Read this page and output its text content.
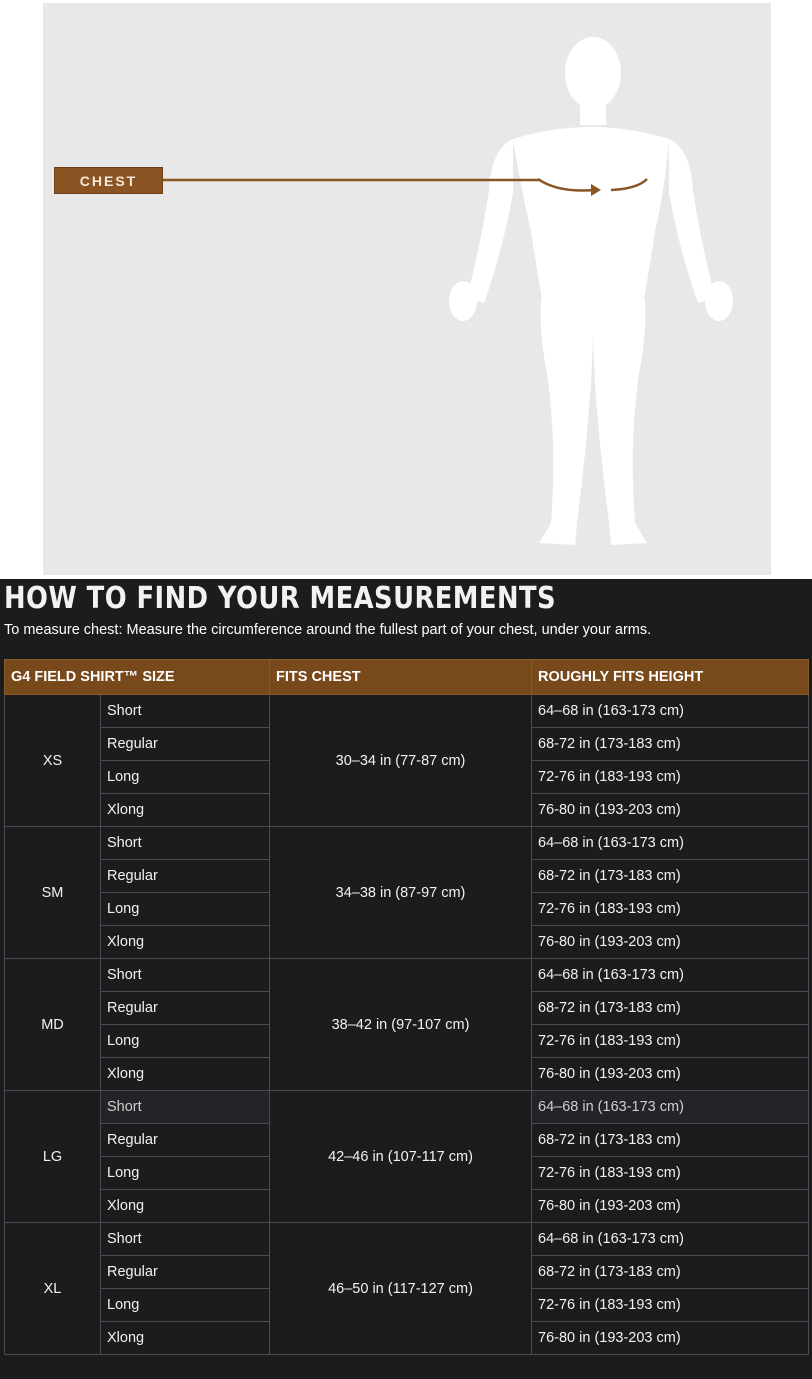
CHEST
HOW TO FIND YOUR MEASUREMENTS
To measure chest: Measure the circumference around the fullest part of your chest, under your arms.
G4 FIELD SHIRT™ SIZE		FITS CHEST	ROUGHLY FITS HEIGHT
XS	Short	30–34 in (77-87 cm)	64–68 in (163-173 cm)
	Regular		68-72 in (173-183 cm)
	Long		72-76 in (183-193 cm)
	Xlong		76-80 in (193-203 cm)
SM	Short	34–38 in (87-97 cm)	64–68 in (163-173 cm)
	Regular		68-72 in (173-183 cm)
	Long		72-76 in (183-193 cm)
	Xlong		76-80 in (193-203 cm)
MD	Short	38–42 in (97-107 cm)	64–68 in (163-173 cm)
	Regular		68-72 in (173-183 cm)
	Long		72-76 in (183-193 cm)
	Xlong		76-80 in (193-203 cm)
LG	Short	42–46 in (107-117 cm)	64–68 in (163-173 cm)
	Regular		68-72 in (173-183 cm)
	Long		72-76 in (183-193 cm)
	Xlong		76-80 in (193-203 cm)
XL	Short	46–50 in (117-127 cm)	64–68 in (163-173 cm)
	Regular		68-72 in (173-183 cm)
	Long		72-76 in (183-193 cm)
	Xlong		76-80 in (193-203 cm)
